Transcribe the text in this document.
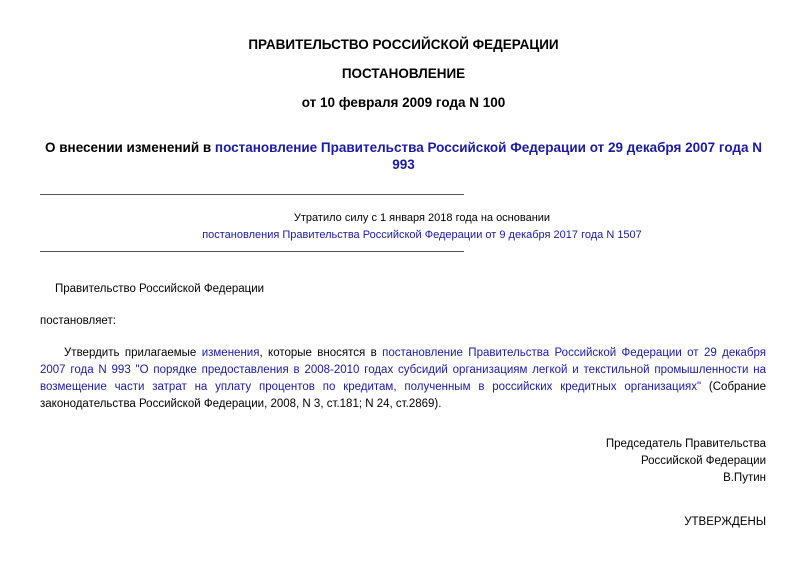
ПРАВИТЕЛЬСТВО РОССИЙСКОЙ ФЕДЕРАЦИИ
ПОСТАНОВЛЕНИЕ
от 10 февраля 2009 года N 100
О внесении изменений в постановление Правительства Российской Федерации от 29 декабря 2007 года N 993
Утратило силу с 1 января 2018 года на основании
постановления Правительства Российской Федерации от 9 декабря 2017 года N 1507
Правительство Российской Федерации
постановляет:
Утвердить прилагаемые изменения, которые вносятся в постановление Правительства Российской Федерации от 29 декабря 2007 года N 993 "О порядке предоставления в 2008-2010 годах субсидий организациям легкой и текстильной промышленности на возмещение части затрат на уплату процентов по кредитам, полученным в российских кредитных организациях" (Собрание законодательства Российской Федерации, 2008, N 3, ст.181; N 24, ст.2869).
Председатель Правительства
Российской Федерации
В.Путин
УТВЕРЖДЕНЫ
